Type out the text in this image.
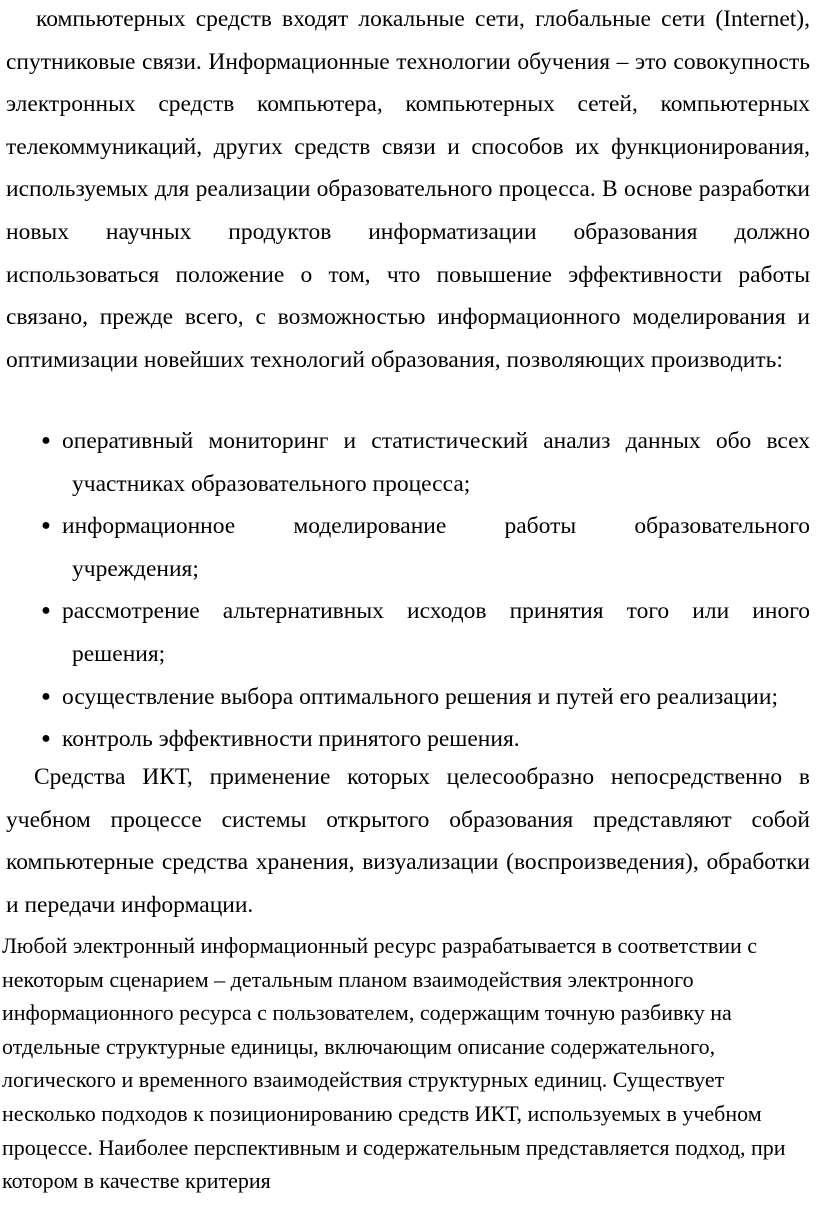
компьютерных средств входят локальные сети, глобальные сети (Internet), спутниковые связи. Информационные технологии обучения – это совокупность электронных средств компьютера, компьютерных сетей, компьютерных телекоммуникаций, других средств связи и способов их функционирования, используемых для реализации образовательного процесса. В основе разработки новых научных продуктов информатизации образования должно использоваться положение о том, что повышение эффективности работы связано, прежде всего, с возможностью информационного моделирования и оптимизации новейших технологий образования, позволяющих производить:

● оперативный мониторинг и статистический анализ данных обо всех
участниках образовательного процесса;
● информационное моделирование работы образовательного
учреждения;
● рассмотрение альтернативных исходов принятия того или иного
решения;
● осуществление выбора оптимального решения и путей его реализации;
● контроль эффективности принятого решения.

Средства ИКТ, применение которых целесообразно непосредственно в учебном процессе системы открытого образования представляют собой компьютерные средства хранения, визуализации (воспроизведения), обработки и передачи информации.

Любой электронный информационный ресурс разрабатывается в соответствии с некоторым сценарием – детальным планом взаимодействия электронного информационного ресурса с пользователем, содержащим точную разбивку на отдельные структурные единицы, включающим описание содержательного, логического и временного взаимодействия структурных единиц. Существует несколько подходов к позиционированию средств ИКТ, используемых в учебном процессе. Наиболее перспективным и содержательным представляется подход, при котором в качестве критерия
